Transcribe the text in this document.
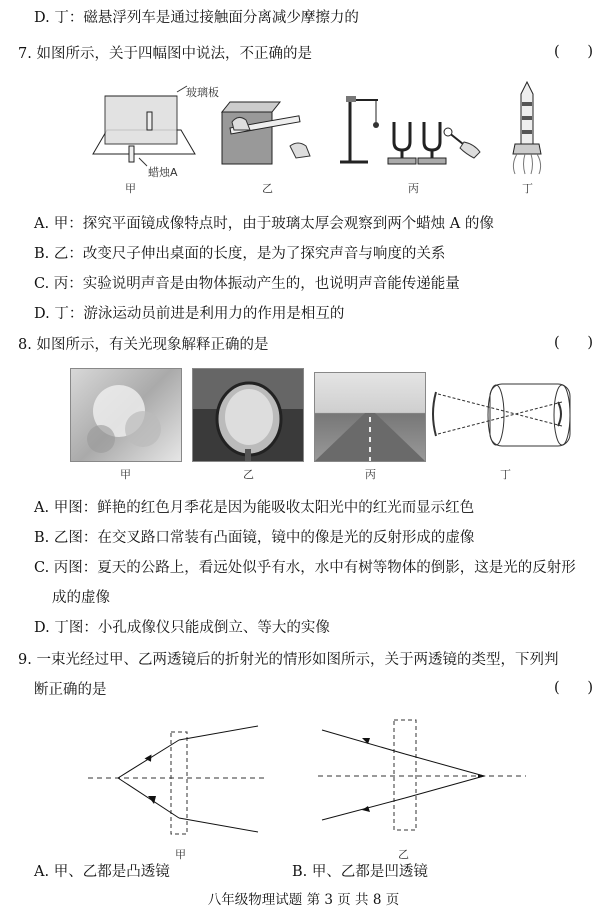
D. 丁：磁悬浮列车是通过接触面分离减少摩擦力的
7. 如图所示，关于四幅图中说法，不正确的是	(      )
玻璃板
蜡烛A
甲	乙	丙	丁
A. 甲：探究平面镜成像特点时，由于玻璃太厚会观察到两个蜡烛 A 的像
B. 乙：改变尺子伸出桌面的长度，是为了探究声音与响度的关系
C. 丙：实验说明声音是由物体振动产生的，也说明声音能传递能量
D. 丁：游泳运动员前进是利用力的作用是相互的
8. 如图所示，有关光现象解释正确的是	(      )
甲	乙	丙	丁
A. 甲图：鲜艳的红色月季花是因为能吸收太阳光中的红光而显示红色
B. 乙图：在交叉路口常装有凸面镜，镜中的像是光的反射形成的虚像
C. 丙图：夏天的公路上，看远处似乎有水，水中有树等物体的倒影，这是光的反射形
成的虚像
D. 丁图：小孔成像仪只能成倒立、等大的实像
9. 一束光经过甲、乙两透镜后的折射光的情形如图所示，关于两透镜的类型，下列判
断正确的是	(      )
甲	乙
A. 甲、乙都是凸透镜	B. 甲、乙都是凹透镜
八年级物理试题 第 3 页 共 8 页
